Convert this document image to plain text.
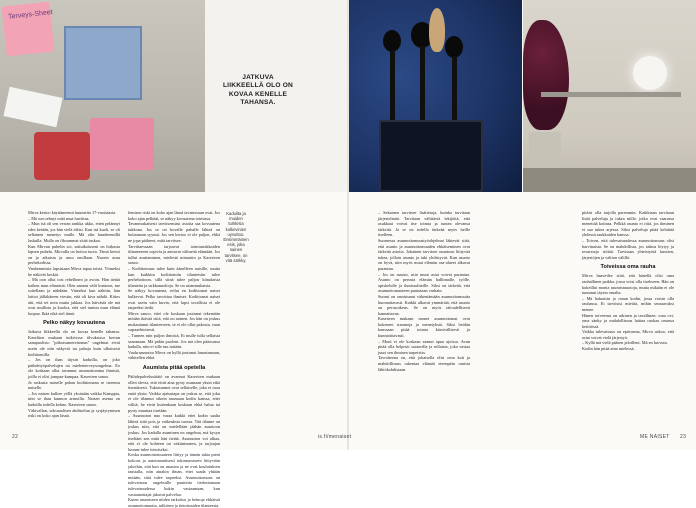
Terveys-Sheet
JATKUVA LIIKKEELLÄ OLO ON KOVAA KENELLE TAHANSA.

Mirva kertoo käyttäneensä huumeita 17-vuotiaasta.

– Mä oon tehnyt mitä mua huvittaa.

– Mun isä oli sen verran rankka ukko, etten pelännyt edes ketään, jos hän vielä eläisi. Kun isä kuoli, se oli sellainen menetys mulle. Mä olin huudeennillä laskulla. Mulla on fiksummat sitää tuskaa.

Kun Mirvan puhelin soi, sattuikotuseni on hirkasta lapsen puhelu. Mirvalla on hoitoa tuota. Tämä kertoi on jo aikuisia ja asuu omillaan. Nuorin asuu perhekodissa.

Vanhemmista lapsistaan Mirva tapaa toista. Viimeksi he näkivät keskiä.

– Mä oon ollut tosi rehellinen ja avoin. Hän tietää kaiken mun elämästä. Olen aannut välit kuntoon, me soitellaan ja nähdään. Viimeksi kun nähtiin, hän laittoi jälkikäteen viestin, että oli kiva nähdä. Kiitos äiti, että tet noin mutta jakkaa. Jos häivästä ole mä ovat mullista ja kuoloa, että siel tuntuu mun elämä luopua. Ikää eikä siel tämä.

Pelko näkyy kovuutena

Jatkuva liikkeellä olo on kovaa kenelle tahansa. Kaseliten mukaan tutkivissa tilvuksissa kertun sanapuolisto "piiloasumerettonun" ongelmat eivät usein ole niin näkyviä tai pahoja kuin ulkoisesti kodittomilla.

– Jos on ihan täysin kaduilla, on joko päihdetyöpalvelujen tai mielenterveysongelma. Eo ole koskaan ollut tavannut asunnottomina ihmisiä, joilla ei olisi jompaa-kumpaa. Kaseriren sanoo.

Ja raskasta naiselle pahan kodittomana se itseensa naiselle.

– Jos naisen kulkee yöllä yksinään vaikka Kamppia, niin se ihan kunnon armoilla. Naisen asema on kaduilla todella kehno. Kaseriren sanoo.

Väkivallan, seksuaalisen ahdistelun ja syrjäytymisen riski on koko ajan läsnä.

lemisen riski on koko ajan läsnä tavatessaan ovat. Jos koko ajan pelkäät, se näkyy kovuutena toimissa.

Tavanmukaisesti tarvitsemiasi asioita saa kovuutena tukkona. Jos se on kovalle pahalle lähteä on hoitamaan syynsä. Jos sen kertoo ei ole paljon, ehkä ne jopa päihteet, mitä tarvitsee.

Tarvittaessaan tarjoavat toimiasiakkaiden tilanteeseen sopivia ja auttavat välineitä elämään. Jos tullut asuttaminen, mielestä minuutin ja Kaseriren sanoo.

– Kodittomuus tulee kuin äänelleen naisille, mutta kun kaikkiin kodittomiin tilanteisiin tulee perhehoitoon, sillä siinä tulee paljon kiinalaisia tilanteita ja sirkkanuoltoja. Se on asianmukaista.

Se näkyy kovuutena, reilut en kodittomat naiset kulkevat. Pelko tavoittaa ihmiset. Kodittomat naiset ovat usein vain kuvin, että lapsi tavallista ei ole tarpeeksi tiedä.

Mirva sanoo, ettei ole koskaan joutunut tekemään mitään ikävää siitä, että on nainen. Jos hän on joskus mukautunut tilanteeseen, se ei ole ollut pakosta, vaan vapaaehtoisesti.

– Tunnen niin paljon ihmisiä, Et mulle tulla sellaista sanomaan. Mä pidän puoleni. Jos mä olen pääosassa kadulla, niin ei sille tuu mitään.

Vuokraasuntoa Mirva on hyllä joutunut lunastamaan, vähitellen ehkä.

Asumista pitää opetella

Päihdepalvelusäätiö on avannut Kaseriren mukaan ollen olevia, että eivät aina pysty asumaan yksin eikä itsenäisesti. Tukiasunnot ovat sellaiselle, joka ei osaa enää yksin. Vaikka ajatustapa on joskus se, että joku ei ole tilannut oikein asumaan kodin kanssa, ettei välitä, he eivät kuitenkaan koskaan ehkä halua tai pysty muuttaa itsetään.

– Asunnoton nuo varaa kaikki ettei kodin saalta lähteä siitä pois ja vaikeuksia tuossa. Tää tilanne on joskus niin, että on mielellään jäähän asuntoon joskus. Jos kadulla asuminen on ongelma, mä kysyn itseltäni sen mitä hän tietää. Asunnoton voi alkaa, että ei ole kohteen tai vakiintuneen, ja tarjoajan luonne tulee tietoiseksi.

Koska asunnottomuuteen liittyy ja tämän takia pieni kokous ja autoimaattisesti tukiasumiseen liittyvään jakoihin, että kun on asuntoa ja ne ovat koulutuksen taustalla, niin ainakin ilman, ettei saada yhtään mitään, siitä tulee tarpeeksi. Asunnottomuus on tulevaisuus ongelmille puutteita tiedostamaan tulevaisuudessa kukin vastaamaan, kun vastaanottajat jakavat palvelua.

Kuten asumiseen niiden tarkoitus ja keinoja ehkäistä asunnottomuutta, tulkitsen ja tietoisuuden tilanteesta.

Kaduilta ja muiden turkkisia kulkevinien uyvuttoo. Ensimmäinen esis, joka nainen tarvitsee, on vitä särkky.

– Sekainen tarvitsee lisätietoja, kuinka tarvitaan järjestelmää. Tarvitaan välittäviä tekijöitä, että asukkaat voivat itse toimia ja tuntea olevansa tärkeitä. Ja se on todella tärkeää myös heille itselleen.

Suomessa asunnottomuustyöohjelmat lähtevät siitä, että asunto ja asunnottomuuden ehkäiseminen ovat tärkeitä asioita. Jokainen tarvitsee asuntoon liittyvää tukea, jolloin asunto ja tuki yhdistyvät. Kun asunto on hyvä, niin myös muut elämän osa-alueet alkavat parantua.

– Jos on asunto, niin muut asiat voivat parantua. Asunto on perusta elämän hallinnalle, työlle, opiskelulle ja ihmissuhteille. Siksi on tärkeää, että asunnottomuuteen puututaan varhain.

Suomi on onnistunut vähentämään asunnottomuutta huomattavasti. Kaikki alkavat ymmärtää, että asunto on perusoikeus. Se on myös taloudellisesti kannattavaa.

Kaseriren mukaan monet asunnottomat ovat kokeneet traumoja ja menetyksiä. Siksi heidän kanssaan pitää toimia kärsivällisesti ja kunnioittavasti.

– Moni ei ole koskaan saanut apua ajoissa. Avun pitää olla helposti saatavilla ja sellaista, joka vastaa juuri sen ihmisen tarpeisiin.

Tavoitteena on, että jokaisella olisi oma koti ja mahdollisuus rakentaa elämää eteenpäin omista lähtökohdistaan.

pitäisi olla tarjolla paremmin. Kaikkiaan tarvitaan lisää palveluja ja tukea niille, jotka ovat vaarassa menettää kotinsa. Pelkkä asunto ei riitä, jos ihminen ei saa tukea arjessa. Siksi palveluja pitää kehittää yhdessä asukkaiden kanssa.

– Toivon, että tulevaisuudessa asunnottomuus olisi harvinaista. Se on mahdollista, jos tahtoa löytyy ja resursseja riittää. Tarvitaan yhteistyötä kuntien, järjestöjen ja valtion välillä.

Toiveissa oma rauha

Mirva haaveilee siitä, että hänellä olisi oma rauhallinen paikka, jossa voisi olla itsekseen. Hän on kokeillut monia asumismuotoja, mutta mikään ei ole tuntunut täysin omalta.

– Mä haluaisin jo oman kodin, jossa voisin olla rauhassa. Ei tarvitsisi miettiä, mihin seuraavaksi menee.

Hänen toiveensa on arkinen ja tavallinen: oma ovi, oma sänky ja mahdollisuus laittaa ruokaa omassa keittiössä.

Vaikka tulevaisuus on epävarma, Mirva uskoo, että asiat voivat vielä järjestyä.

– Kyllä mä vielä pääsen jaloilleni. Mä en luovuta.

Kodin hän pitää aina mielessä.

22	is.fi/menaiset	ME NAISET 23
